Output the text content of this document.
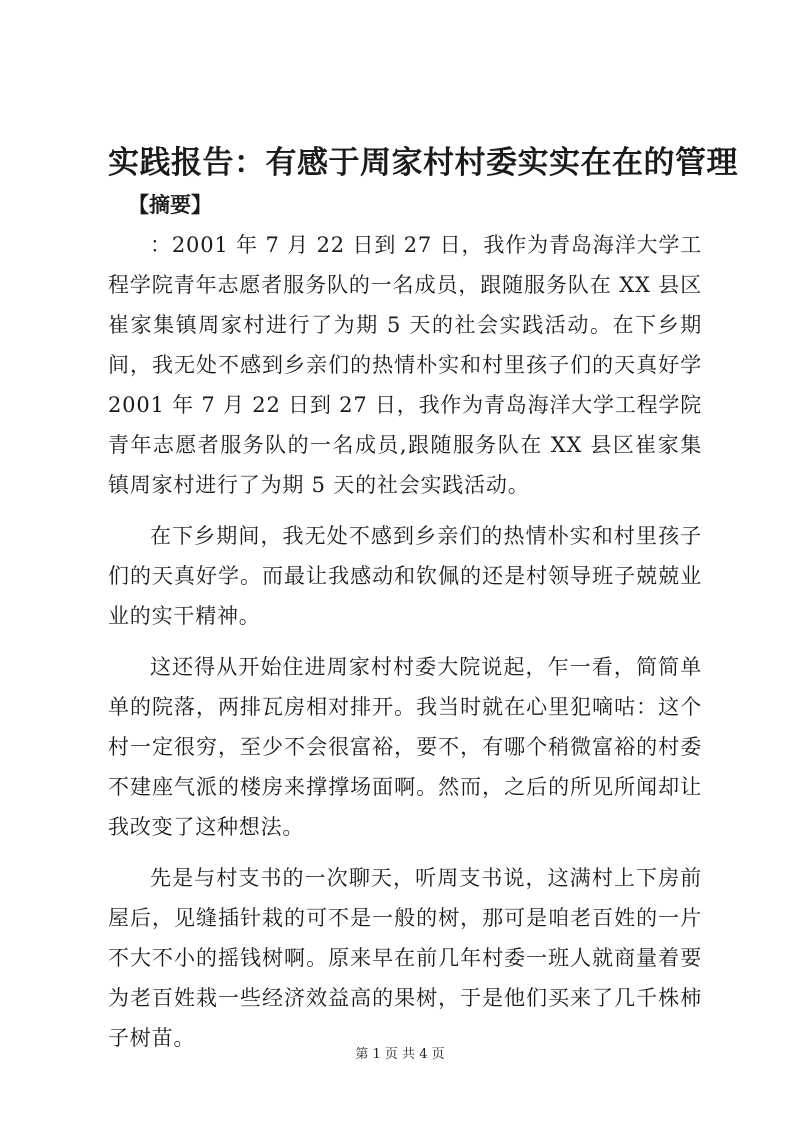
实践报告：有感于周家村村委实实在在的管理
【摘要】

：2001 年 7 月 22 日到 27 日，我作为青岛海洋大学工程学院青年志愿者服务队的一名成员，跟随服务队在 XX 县区崔家集镇周家村进行了为期 5 天的社会实践活动。在下乡期间，我无处不感到乡亲们的热情朴实和村里孩子们的天真好学 2001 年 7 月 22 日到 27 日，我作为青岛海洋大学工程学院青年志愿者服务队的一名成员,跟随服务队在 XX 县区崔家集镇周家村进行了为期 5 天的社会实践活动。

在下乡期间，我无处不感到乡亲们的热情朴实和村里孩子们的天真好学。而最让我感动和钦佩的还是村领导班子兢兢业业的实干精神。

这还得从开始住进周家村村委大院说起，乍一看，简简单单的院落，两排瓦房相对排开。我当时就在心里犯嘀咕：这个村一定很穷，至少不会很富裕，要不，有哪个稍微富裕的村委不建座气派的楼房来撑撑场面啊。然而，之后的所见所闻却让我改变了这种想法。

先是与村支书的一次聊天，听周支书说，这满村上下房前屋后，见缝插针栽的可不是一般的树，那可是咱老百姓的一片不大不小的摇钱树啊。原来早在前几年村委一班人就商量着要为老百姓栽一些经济效益高的果树，于是他们买来了几千株柿子树苗。

第 1 页 共 4 页
